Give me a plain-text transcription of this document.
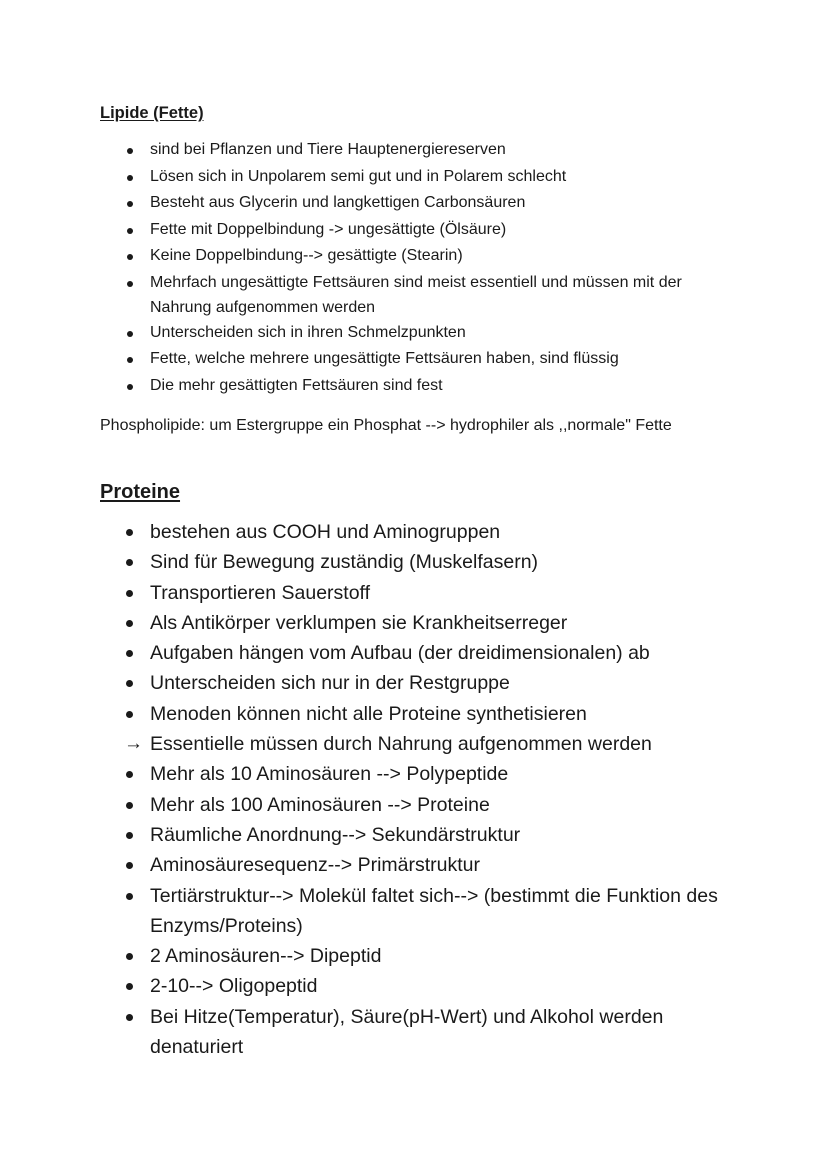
Lipide (Fette)

sind bei Pflanzen und Tiere Hauptenergiereserven
Lösen sich in Unpolarem semi gut und in Polarem schlecht
Besteht aus Glycerin und langkettigen Carbonsäuren
Fette mit Doppelbindung -> ungesättigte (Ölsäure)
Keine Doppelbindung--> gesättigte (Stearin)
Mehrfach ungesättigte Fettsäuren sind meist essentiell und müssen mit der Nahrung aufgenommen werden
Unterscheiden sich in ihren Schmelzpunkten
Fette, welche mehrere ungesättigte Fettsäuren haben, sind flüssig
Die mehr gesättigten Fettsäuren sind fest
Phospholipide: um Estergruppe ein Phosphat --> hydrophiler als ,,normale" Fette

Proteine

bestehen aus COOH und Aminogruppen
Sind für Bewegung zuständig (Muskelfasern)
Transportieren Sauerstoff
Als Antikörper verklumpen sie Krankheitserreger
Aufgaben hängen vom Aufbau (der dreidimensionalen) ab
Unterscheiden sich nur in der Restgruppe
Menoden können nicht alle Proteine synthetisieren
→ Essentielle müssen durch Nahrung aufgenommen werden
Mehr als 10 Aminosäuren --> Polypeptide
Mehr als 100 Aminosäuren --> Proteine
Räumliche Anordnung--> Sekundärstruktur
Aminosäuresequenz--> Primärstruktur
Tertiärstruktur--> Molekül faltet sich--> (bestimmt die Funktion des Enzyms/Proteins)
2 Aminosäuren--> Dipeptid
2-10--> Oligopeptid
Bei Hitze(Temperatur), Säure(pH-Wert) und Alkohol werden denaturiert
